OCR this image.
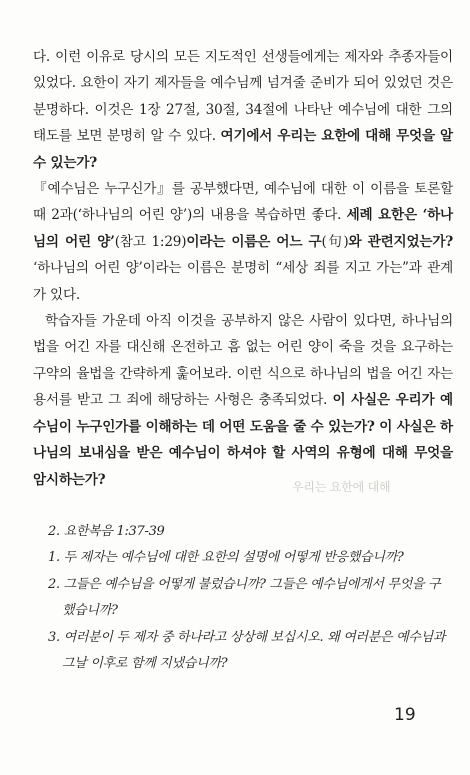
다. 이런 이유로 당시의 모든 지도적인 선생들에게는 제자와 추종자들이 있었다. 요한이 자기 제자들을 예수님께 넘겨줄 준비가 되어 있었던 것은 분명하다. 이것은 1장 27절, 30절, 34절에 나타난 예수님에 대한 그의 태도를 보면 분명히 알 수 있다. 여기에서 우리는 요한에 대해 무엇을 알 수 있는가?

『예수님은 누구신가』를 공부했다면, 예수님에 대한 이 이름을 토론할 때 2과(‘하나님의 어린 양’)의 내용을 복습하면 좋다. 세례 요한은 ‘하나님의 어린 양’(참고 1:29)이라는 이름은 어느 구(句)와 관련지었는가? ‘하나님의 어린 양’이라는 이름은 분명히 “세상 죄를 지고 가는”과 관계가 있다.

학습자들 가운데 아직 이것을 공부하지 않은 사람이 있다면, 하나님의 법을 어긴 자를 대신해 온전하고 흠 없는 어린 양이 죽을 것을 요구하는 구약의 율법을 간략하게 훑어보라. 이런 식으로 하나님의 법을 어긴 자는 용서를 받고 그 죄에 해당하는 사형은 충족되었다. 이 사실은 우리가 예수님이 누구인가를 이해하는 데 어떤 도움을 줄 수 있는가? 이 사실은 하나님의 보내심을 받은 예수님이 하셔야 할 사역의 유형에 대해 무엇을 암시하는가?	우리는 요한에 대해

2. 요한복음 1:37-39

1. 두 제자는 예수님에 대한 요한의 설명에 어떻게 반응했습니까?
2. 그들은 예수님을 어떻게 불렀습니까? 그들은 예수님에게서 무엇을 구했습니까?
3. 여러분이 두 제자 중 하나라고 상상해 보십시오. 왜 여러분은 예수님과 그날 이후로 함께 지냈습니까?
19
